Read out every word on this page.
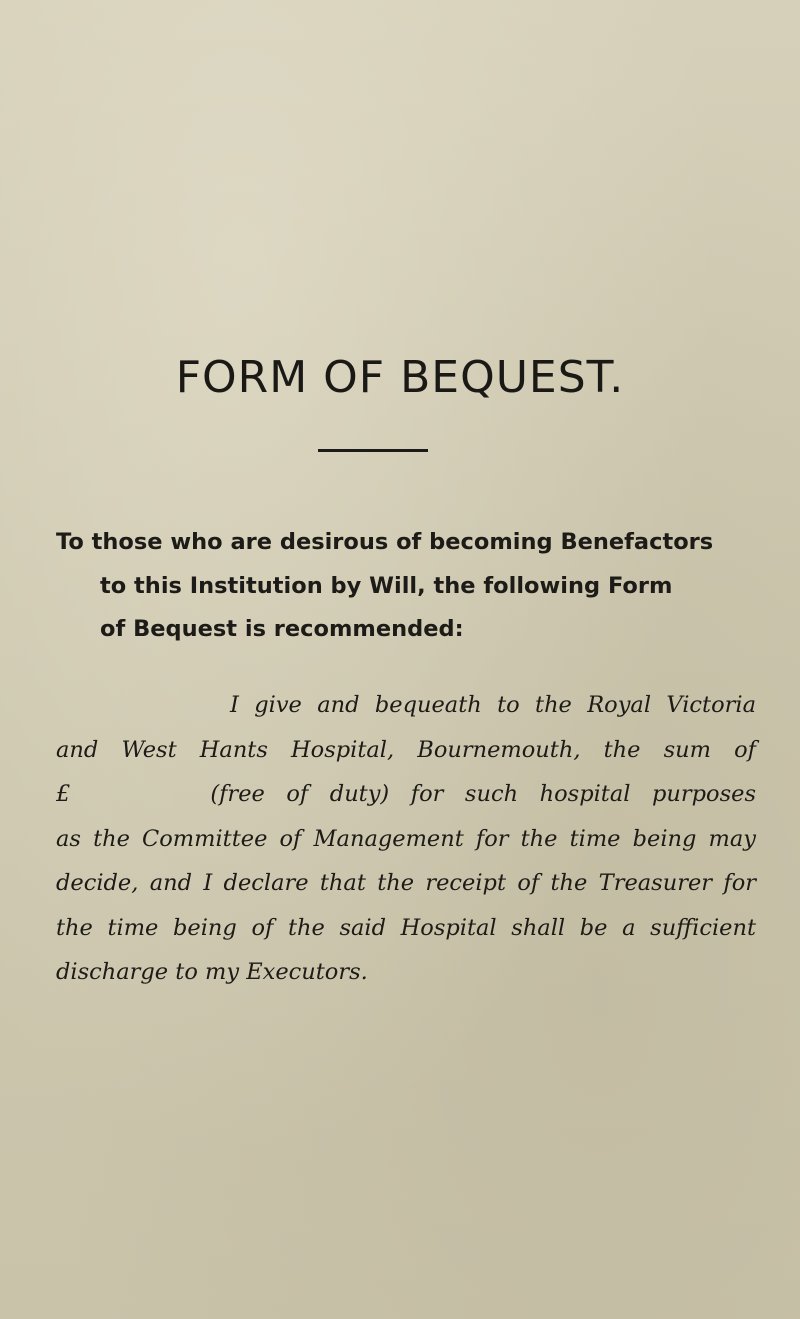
FORM OF BEQUEST.

To those who are desirous of becoming Benefactors
to this Institution by Will, the following Form
of Bequest is recommended:

I give and bequeath to the Royal Victoria
and West Hants Hospital, Bournemouth, the sum of
£	(free of duty) for such hospital purposes
as the Committee of Management for the time being may
decide, and I declare that the receipt of the Treasurer for
the time being of the said Hospital shall be a sufficient
discharge to my Executors.
